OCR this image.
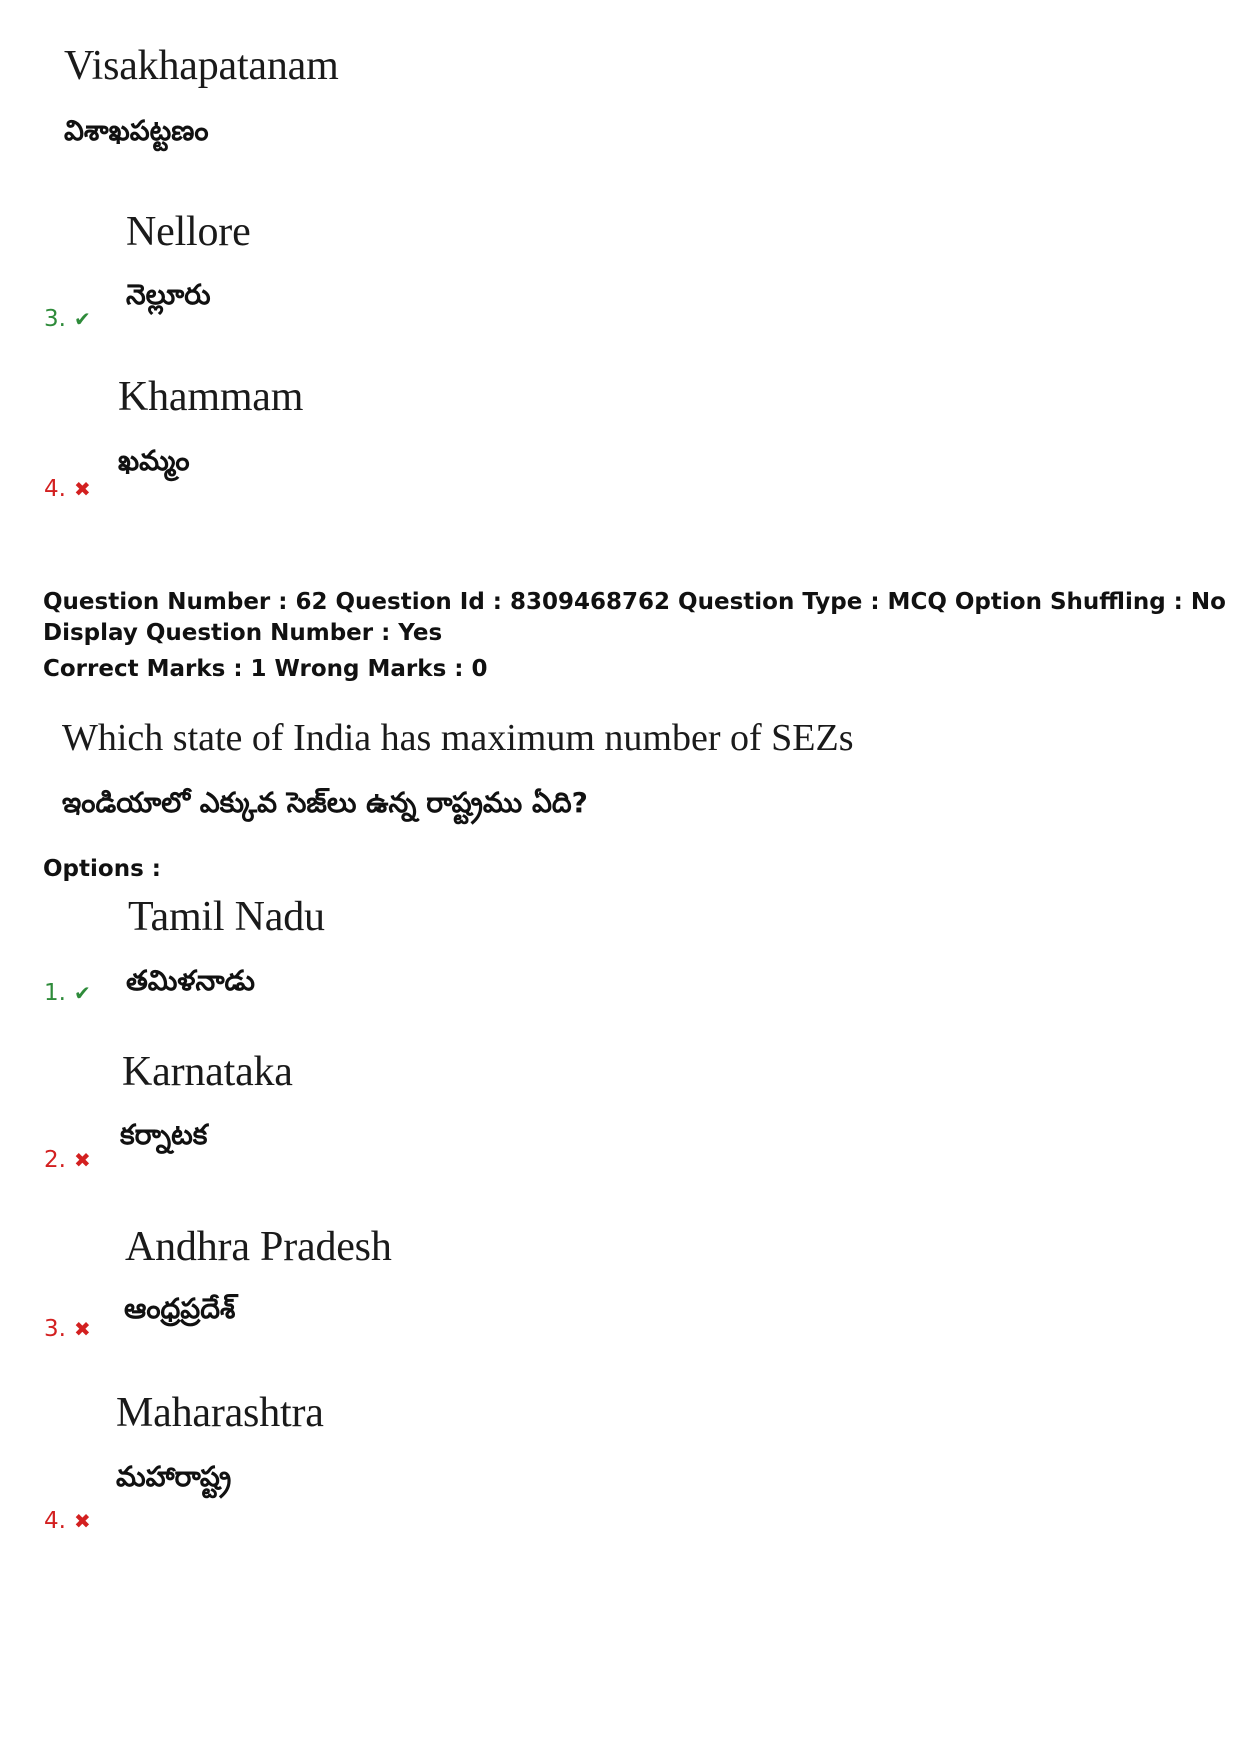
Visakhapatanam
విశాఖపట్టణం
Nellore
నెల్లూరు
3. ✔
Khammam
ఖమ్మం
4. ✖
Question Number : 62 Question Id : 8309468762 Question Type : MCQ Option Shuffling : No
Display Question Number : Yes
Correct Marks : 1 Wrong Marks : 0
Which state of India has maximum number of SEZs
ఇండియాలో ఎక్కువ సెజ్‌లు ఉన్న రాష్ట్రము ఏది?
Options :
Tamil Nadu
తమిళనాడు
1. ✔
Karnataka
కర్నాటక
2. ✖
Andhra Pradesh
ఆంధ్రప్రదేశ్
3. ✖
Maharashtra
మహారాష్ట్ర
4. ✖
